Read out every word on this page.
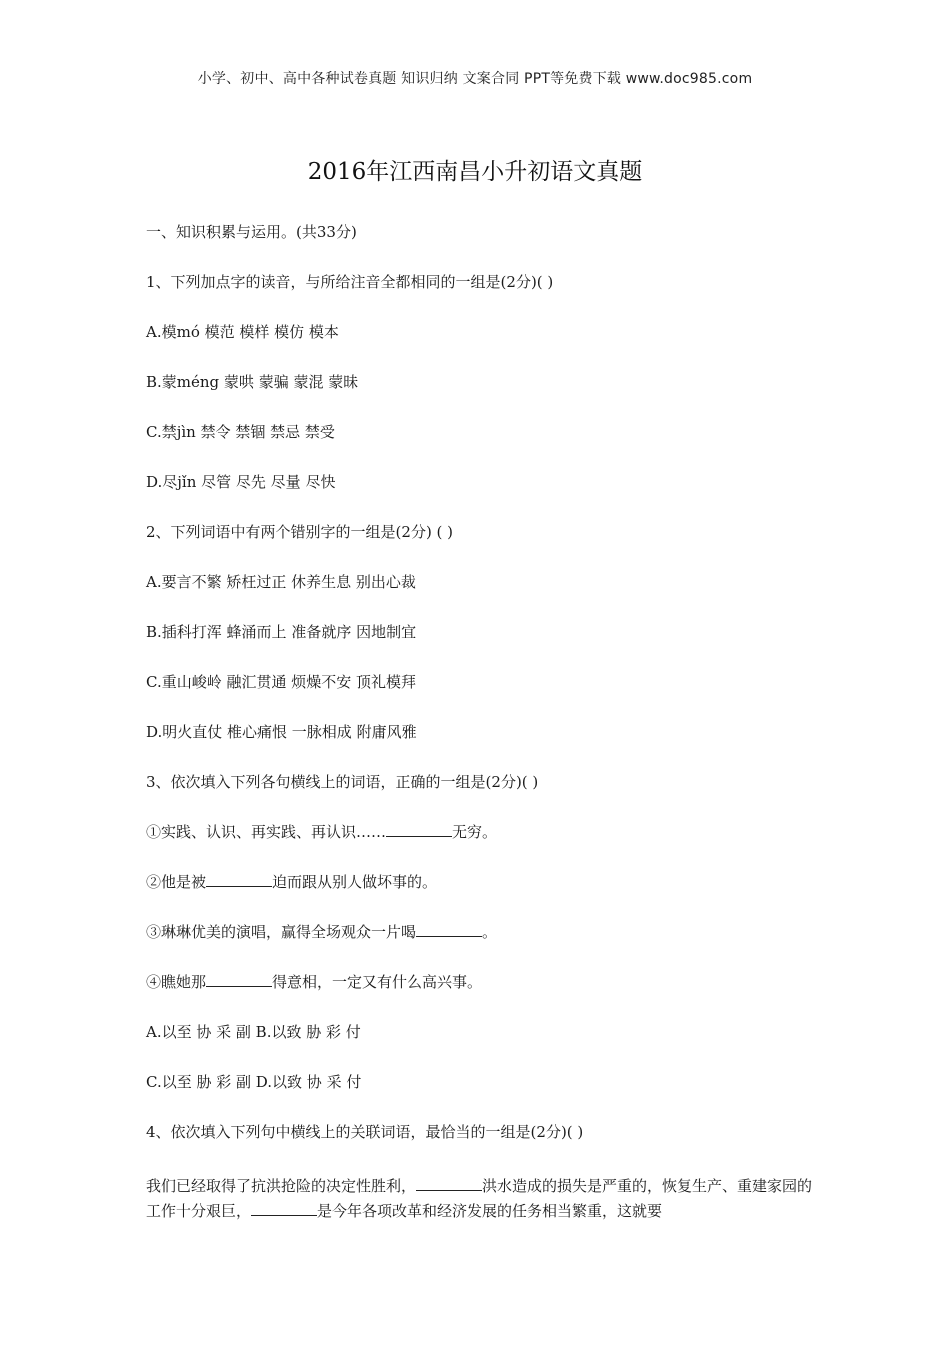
小学、初中、高中各种试卷真题 知识归纳 文案合同 PPT等免费下载 www.doc985.com
2016年江西南昌小升初语文真题
一、知识积累与运用。(共33分)
1、下列加点字的读音，与所给注音全都相同的一组是(2分)( )
A.模mó 模范 模样 模仿 模本
B.蒙méng 蒙哄 蒙骗 蒙混 蒙昧
C.禁jìn 禁令 禁锢 禁忌 禁受
D.尽jǐn 尽管 尽先 尽量 尽快
2、下列词语中有两个错别字的一组是(2分) ( )
A.要言不繁 矫枉过正 休养生息 别出心裁
B.插科打浑 蜂涌而上 准备就序 因地制宜
C.重山峻岭 融汇贯通 烦燥不安 顶礼模拜
D.明火直仗 椎心痛恨 一脉相成 附庸风雅
3、依次填入下列各句横线上的词语，正确的一组是(2分)( )
①实践、认识、再实践、再认识……	无穷。
②他是被	迫而跟从别人做坏事的。
③琳琳优美的演唱，赢得全场观众一片喝	。
④瞧她那	得意相，一定又有什么高兴事。
A.以至 协 采 副 B.以致 胁 彩 付
C.以至 胁 彩 副 D.以致 协 采 付
4、依次填入下列句中横线上的关联词语，最恰当的一组是(2分)( )
我们已经取得了抗洪抢险的决定性胜利，	洪水造成的损失是严重的，恢复生产、重建家园的工作十分艰巨，	是今年各项改革和经济发展的任务相当繁重，这就要
